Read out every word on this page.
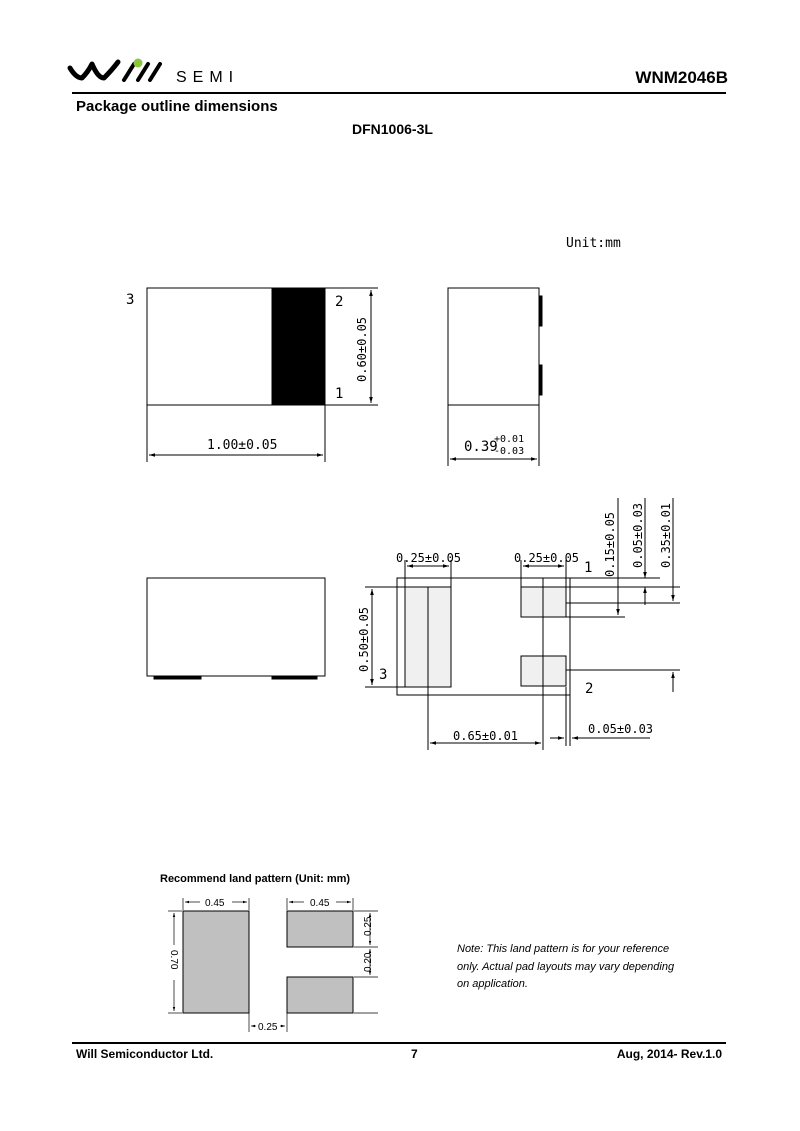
SEMI	WNM2046B
Package outline dimensions
DFN1006-3L
Unit:mm
3	2
1
0.60±0.05
1.00±0.05	0.39
+0.01
-0.03
0.25±0.05	0.25±0.05 0.15±0.05 0.05±0.03 0.35±0.01
0.50±0.05
0.65±0.01	0.05±0.03
1
2
3
0.45	0.45
0.70
0.25
0.20
0.25
Recommend land pattern (Unit: mm)
Note: This land pattern is for your reference
only. Actual pad layouts may vary depending
on application.
Will Semiconductor Ltd.	7	Aug, 2014- Rev.1.0
